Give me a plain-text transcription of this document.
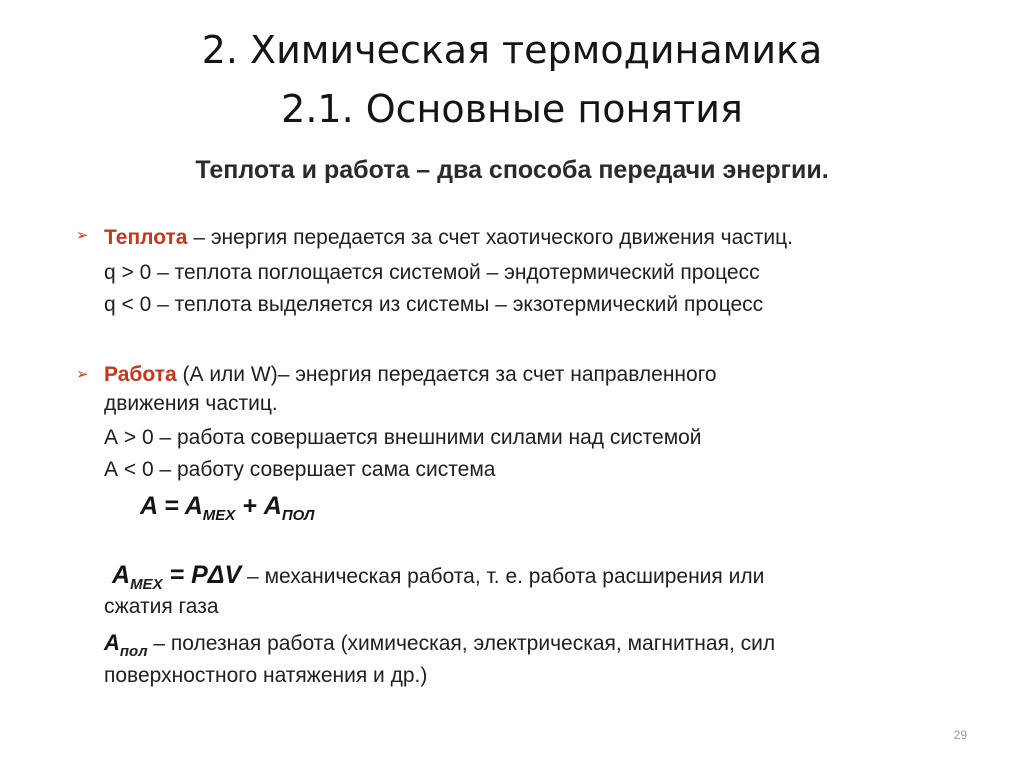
2. Химическая термодинамика
2.1. Основные понятия
Теплота и работа – два способа передачи энергии.
➢ Теплота – энергия передается за счет хаотического движения частиц.
q > 0 – теплота поглощается системой – эндотермический процесс
q < 0 – теплота выделяется из системы – экзотермический процесс
➢ Работа (А или W)– энергия передается за счет направленного
движения частиц.
А > 0 – работа совершается внешними силами над системой
А < 0 – работу совершает сама система
$A = A_{МЕХ} + A_{ПОЛ}$
$A_{МЕХ} = P\Delta V$ – механическая работа, т. е. работа расширения или
сжатия газа
$A_{пол}$ – полезная работа (химическая, электрическая, магнитная, сил
поверхностного натяжения и др.)
29
